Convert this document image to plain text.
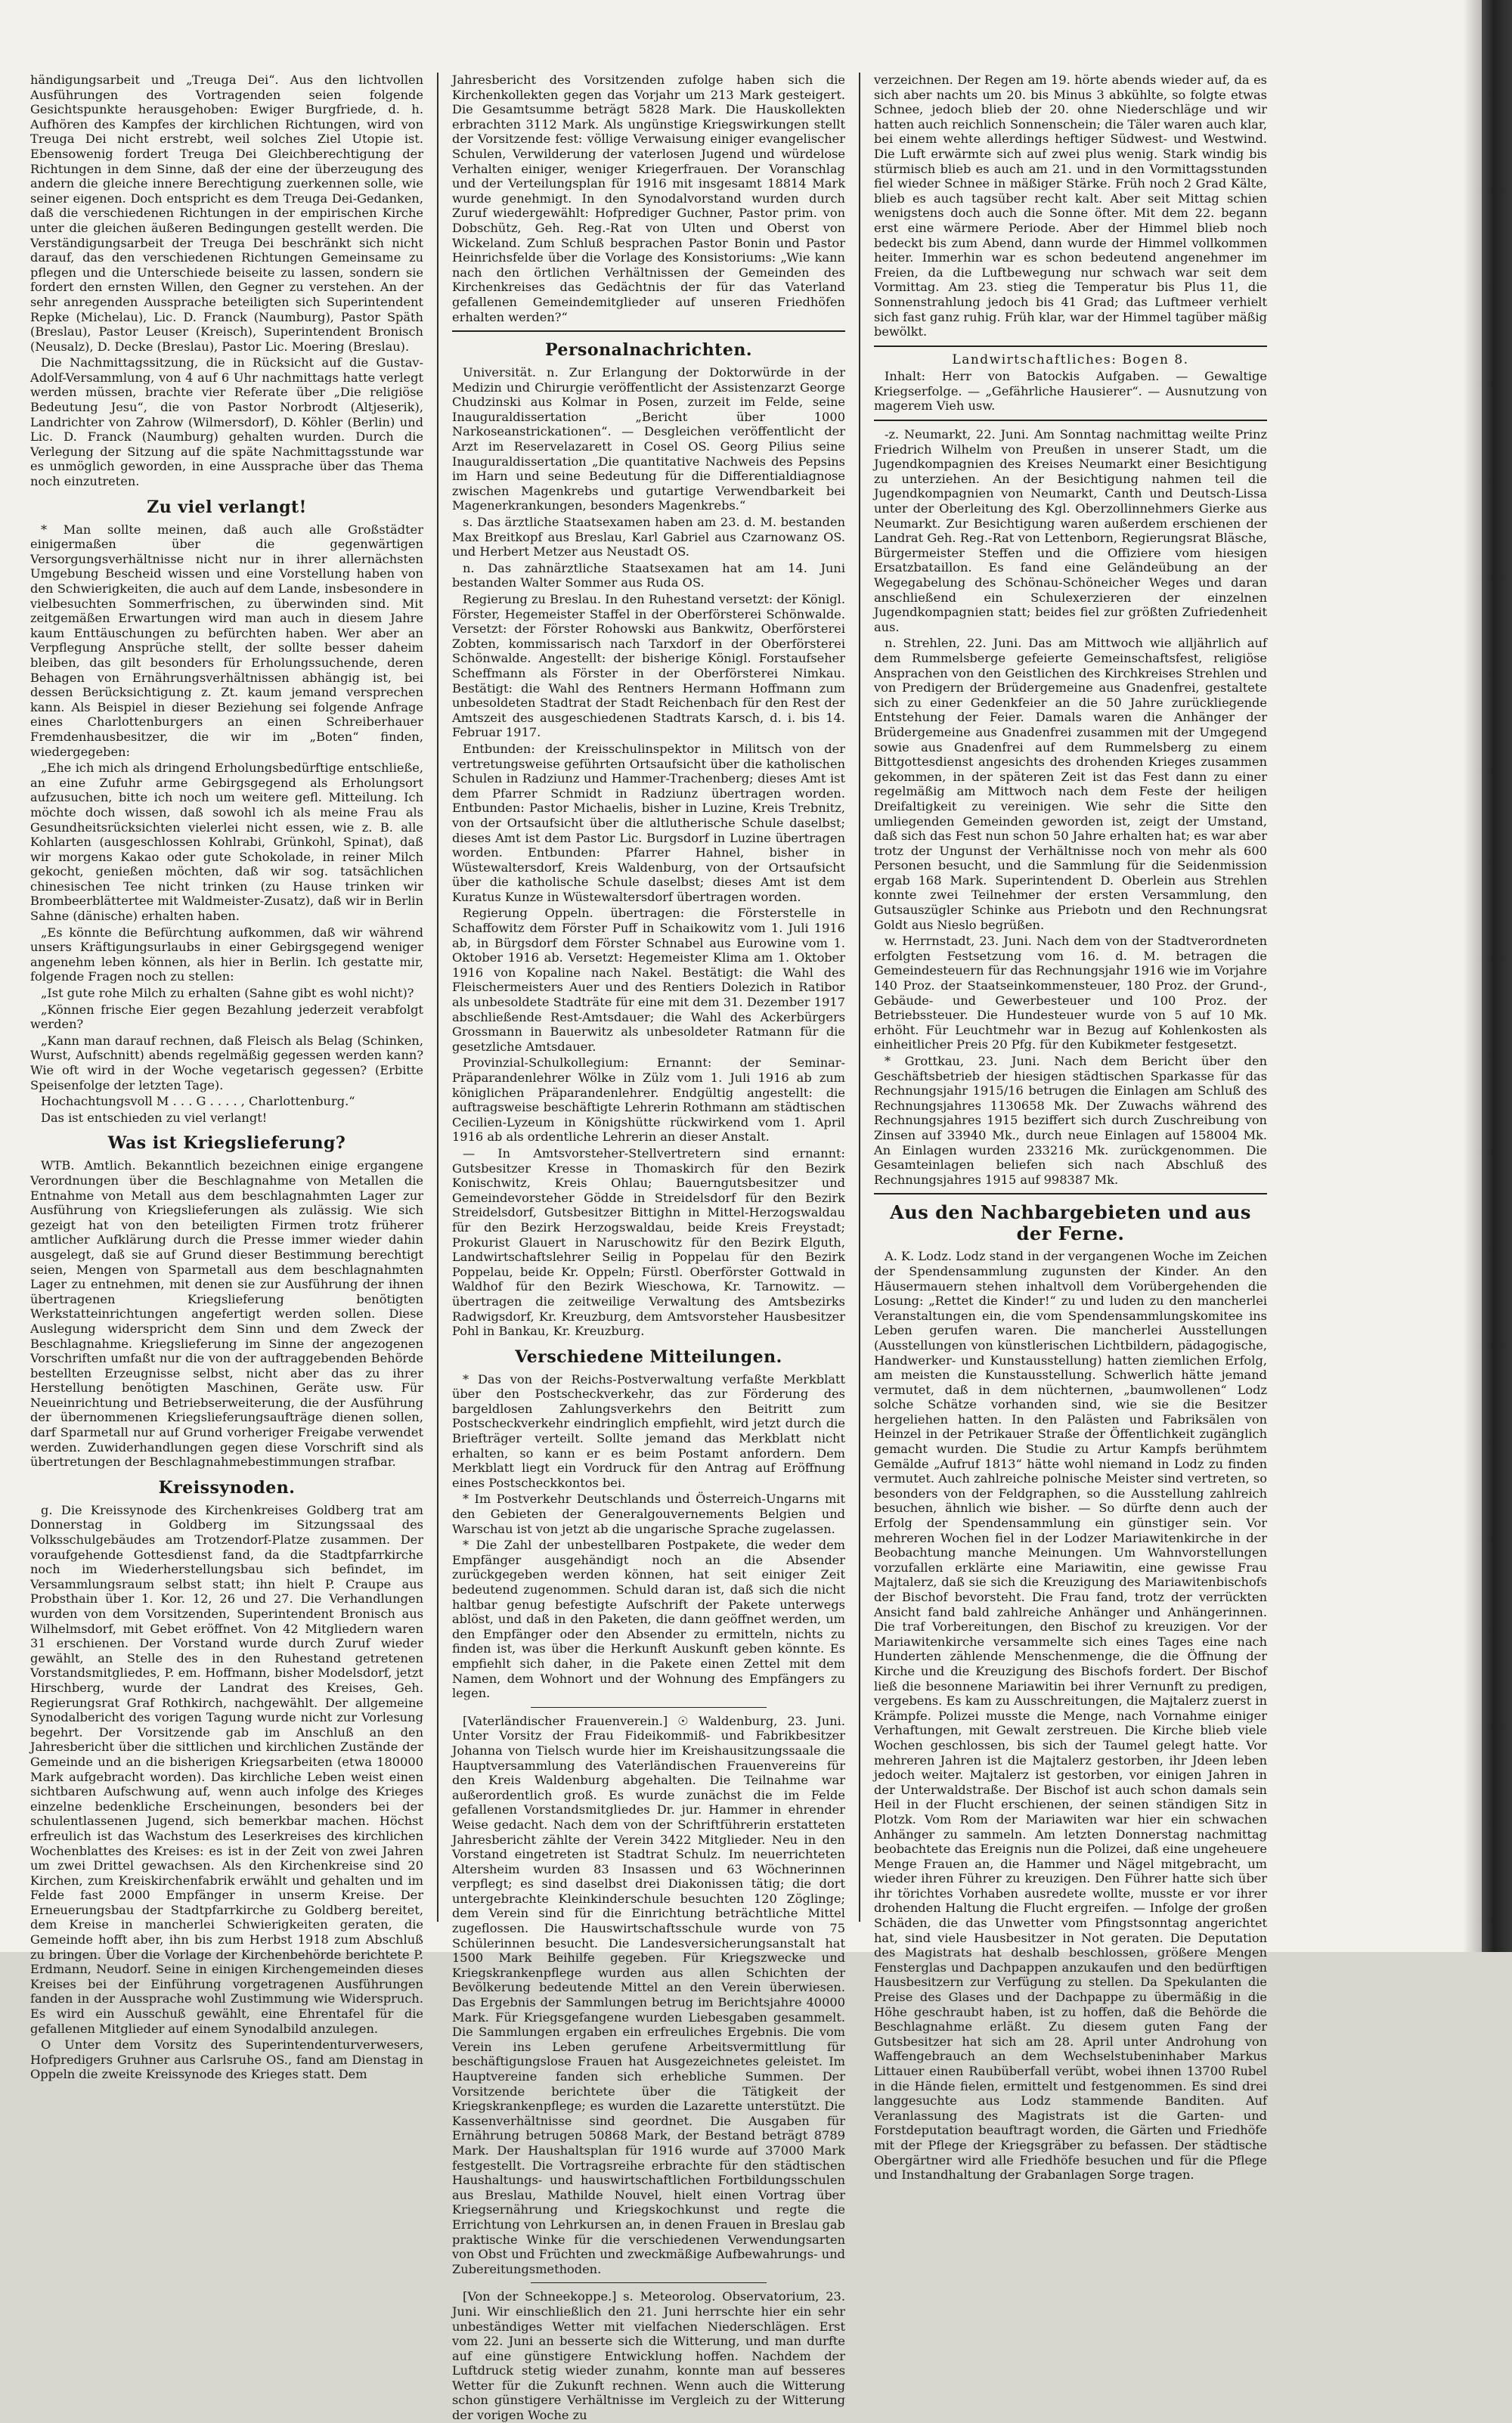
händigungsarbeit und „Treuga Dei“. Aus den lichtvollen Ausführungen des Vortragenden seien folgende Gesichtspunkte herausgehoben: Ewiger Burgfriede, d. h. Aufhören des Kampfes der kirchlichen Richtungen, wird von Treuga Dei nicht erstrebt, weil solches Ziel Utopie ist. Ebensowenig fordert Treuga Dei Gleichberechtigung der Richtungen in dem Sinne, daß der eine der überzeugung des andern die gleiche innere Berechtigung zuerkennen solle, wie seiner eigenen. Doch entspricht es dem Treuga Dei-Gedanken, daß die verschiedenen Richtungen in der empirischen Kirche unter die gleichen äußeren Bedingungen gestellt werden. Die Verständigungsarbeit der Treuga Dei beschränkt sich nicht darauf, das den verschiedenen Richtungen Gemeinsame zu pflegen und die Unterschiede beiseite zu lassen, sondern sie fordert den ernsten Willen, den Gegner zu verstehen. An der sehr anregenden Aussprache beteiligten sich Superintendent Repke (Michelau), Lic. D. Franck (Naumburg), Pastor Späth (Breslau), Pastor Leuser (Kreisch), Superintendent Bronisch (Neusalz), D. Decke (Breslau), Pastor Lic. Moering (Breslau).

Die Nachmittagssitzung, die in Rücksicht auf die Gustav-Adolf-Versammlung, von 4 auf 6 Uhr nachmittags hatte verlegt werden müssen, brachte vier Referate über „Die religiöse Bedeutung Jesu“, die von Pastor Norbrodt (Altjeserik), Landrichter von Zahrow (Wilmersdorf), D. Köhler (Berlin) und Lic. D. Franck (Naumburg) gehalten wurden. Durch die Verlegung der Sitzung auf die späte Nachmittagsstunde war es unmöglich geworden, in eine Aussprache über das Thema noch einzutreten.

Zu viel verlangt!

* Man sollte meinen, daß auch alle Großstädter einigermaßen über die gegenwärtigen Versorgungsverhältnisse nicht nur in ihrer allernächsten Umgebung Bescheid wissen und eine Vorstellung haben von den Schwierigkeiten, die auch auf dem Lande, insbesondere in vielbesuchten Sommerfrischen, zu überwinden sind. Mit zeitgemäßen Erwartungen wird man auch in diesem Jahre kaum Enttäuschungen zu befürchten haben. Wer aber an Verpflegung Ansprüche stellt, der sollte besser daheim bleiben, das gilt besonders für Erholungssuchende, deren Behagen von Ernährungsverhältnissen abhängig ist, bei dessen Berücksichtigung z. Zt. kaum jemand versprechen kann. Als Beispiel in dieser Beziehung sei folgende Anfrage eines Charlottenburgers an einen Schreiberhauer Fremdenhausbesitzer, die wir im „Boten“ finden, wiedergegeben:

„Ehe ich mich als dringend Erholungsbedürftige entschließe, an eine Zufuhr arme Gebirgsgegend als Erholungsort aufzusuchen, bitte ich noch um weitere gefl. Mitteilung. Ich möchte doch wissen, daß sowohl ich als meine Frau als Gesundheitsrücksichten vielerlei nicht essen, wie z. B. alle Kohlarten (ausgeschlossen Kohlrabi, Grünkohl, Spinat), daß wir morgens Kakao oder gute Schokolade, in reiner Milch gekocht, genießen möchten, daß wir sog. tatsächlichen chinesischen Tee nicht trinken (zu Hause trinken wir Brombeerblättertee mit Waldmeister-Zusatz), daß wir in Berlin Sahne (dänische) erhalten haben.

„Es könnte die Befürchtung aufkommen, daß wir während unsers Kräftigungsurlaubs in einer Gebirgsgegend weniger angenehm leben können, als hier in Berlin. Ich gestatte mir, folgende Fragen noch zu stellen:

„Ist gute rohe Milch zu erhalten (Sahne gibt es wohl nicht)?

„Können frische Eier gegen Bezahlung jederzeit verabfolgt werden?

„Kann man darauf rechnen, daß Fleisch als Belag (Schinken, Wurst, Aufschnitt) abends regelmäßig gegessen werden kann? Wie oft wird in der Woche vegetarisch gegessen? (Erbitte Speisenfolge der letzten Tage).

Hochachtungsvoll M . . . G . . . . , Charlottenburg.“

Das ist entschieden zu viel verlangt!

Was ist Kriegslieferung?

WTB. Amtlich. Bekanntlich bezeichnen einige ergangene Verordnungen über die Beschlagnahme von Metallen die Entnahme von Metall aus dem beschlagnahmten Lager zur Ausführung von Kriegslieferungen als zulässig. Wie sich gezeigt hat von den beteiligten Firmen trotz früherer amtlicher Aufklärung durch die Presse immer wieder dahin ausgelegt, daß sie auf Grund dieser Bestimmung berechtigt seien, Mengen von Sparmetall aus dem beschlagnahmten Lager zu entnehmen, mit denen sie zur Ausführung der ihnen übertragenen Kriegslieferung benötigten Werkstatteinrichtungen angefertigt werden sollen. Diese Auslegung widerspricht dem Sinn und dem Zweck der Beschlagnahme. Kriegslieferung im Sinne der angezogenen Vorschriften umfaßt nur die von der auftraggebenden Behörde bestellten Erzeugnisse selbst, nicht aber das zu ihrer Herstellung benötigten Maschinen, Geräte usw. Für Neueinrichtung und Betriebserweiterung, die der Ausführung der übernommenen Kriegslieferungsaufträge dienen sollen, darf Sparmetall nur auf Grund vorheriger Freigabe verwendet werden. Zuwiderhandlungen gegen diese Vorschrift sind als übertretungen der Beschlagnahmebestimmungen strafbar.

Kreissynoden.

g. Die Kreissynode des Kirchenkreises Goldberg trat am Donnerstag in Goldberg im Sitzungssaal des Volksschulgebäudes am Trotzendorf-Platze zusammen. Der voraufgehende Gottesdienst fand, da die Stadtpfarrkirche noch im Wiederherstellungsbau sich befindet, im Versammlungsraum selbst statt; ihn hielt P. Craupe aus Probsthain über 1. Kor. 12, 26 und 27. Die Verhandlungen wurden von dem Vorsitzenden, Superintendent Bronisch aus Wilhelmsdorf, mit Gebet eröffnet. Von 42 Mitgliedern waren 31 erschienen. Der Vorstand wurde durch Zuruf wieder gewählt, an Stelle des in den Ruhestand getretenen Vorstandsmitgliedes, P. em. Hoffmann, bisher Modelsdorf, jetzt Hirschberg, wurde der Landrat des Kreises, Geh. Regierungsrat Graf Rothkirch, nachgewählt. Der allgemeine Synodalbericht des vorigen Tagung wurde nicht zur Vorlesung begehrt. Der Vorsitzende gab im Anschluß an den Jahresbericht über die sittlichen und kirchlichen Zustände der Gemeinde und an die bisherigen Kriegsarbeiten (etwa 180000 Mark aufgebracht worden). Das kirchliche Leben weist einen sichtbaren Aufschwung auf, wenn auch infolge des Krieges einzelne bedenkliche Erscheinungen, besonders bei der schulentlassenen Jugend, sich bemerkbar machen. Höchst erfreulich ist das Wachstum des Leserkreises des kirchlichen Wochenblattes des Kreises: es ist in der Zeit von zwei Jahren um zwei Drittel gewachsen. Als den Kirchenkreise sind 20 Kirchen, zum Kreiskirchenfabrik erwählt und gehalten und im Felde fast 2000 Empfänger in unserm Kreise. Der Erneuerungsbau der Stadtpfarrkirche zu Goldberg bereitet, dem Kreise in mancherlei Schwierigkeiten geraten, die Gemeinde hofft aber, ihn bis zum Herbst 1918 zum Abschluß zu bringen. Über die Vorlage der Kirchenbehörde berichtete P. Erdmann, Neudorf. Seine in einigen Kirchengemeinden dieses Kreises bei der Einführung vorgetragenen Ausführungen fanden in der Aussprache wohl Zustimmung wie Widerspruch. Es wird ein Ausschuß gewählt, eine Ehrentafel für die gefallenen Mitglieder auf einem Synodalbild anzulegen.

O Unter dem Vorsitz des Superintendenturverwesers, Hofpredigers Gruhner aus Carlsruhe OS., fand am Dienstag in Oppeln die zweite Kreissynode des Krieges statt. Dem

Jahresbericht des Vorsitzenden zufolge haben sich die Kirchenkollekten gegen das Vorjahr um 213 Mark gesteigert. Die Gesamtsumme beträgt 5828 Mark. Die Hauskollekten erbrachten 3112 Mark. Als ungünstige Kriegswirkungen stellt der Vorsitzende fest: völlige Verwaisung einiger evangelischer Schulen, Verwilderung der vaterlosen Jugend und würdelose Verhalten einiger, weniger Kriegerfrauen. Der Voranschlag und der Verteilungsplan für 1916 mit insgesamt 18814 Mark wurde genehmigt. In den Synodalvorstand wurden durch Zuruf wiedergewählt: Hofprediger Guchner, Pastor prim. von Dobschütz, Geh. Reg.-Rat von Ulten und Oberst von Wickeland. Zum Schluß besprachen Pastor Bonin und Pastor Heinrichsfelde über die Vorlage des Konsistoriums: „Wie kann nach den örtlichen Verhältnissen der Gemeinden des Kirchenkreises das Gedächtnis der für das Vaterland gefallenen Gemeindemitglieder auf unseren Friedhöfen erhalten werden?“

Personalnachrichten.

Universität. n. Zur Erlangung der Doktorwürde in der Medizin und Chirurgie veröffentlicht der Assistenzarzt George Chudzinski aus Kolmar in Posen, zurzeit im Felde, seine Inauguraldissertation „Bericht über 1000 Narkoseanstrickationen“. — Desgleichen veröffentlicht der Arzt im Reservelazarett in Cosel OS. Georg Pilius seine Inauguraldissertation „Die quantitative Nachweis des Pepsins im Harn und seine Bedeutung für die Differentialdiagnose zwischen Magenkrebs und gutartige Verwendbarkeit bei Magenerkrankungen, besonders Magenkrebs.“

s. Das ärztliche Staatsexamen haben am 23. d. M. bestanden Max Breitkopf aus Breslau, Karl Gabriel aus Czarnowanz OS. und Herbert Metzer aus Neustadt OS.

n. Das zahnärztliche Staatsexamen hat am 14. Juni bestanden Walter Sommer aus Ruda OS.

Regierung zu Breslau. In den Ruhestand versetzt: der Königl. Förster, Hegemeister Staffel in der Oberförsterei Schönwalde. Versetzt: der Förster Rohowski aus Bankwitz, Oberförsterei Zobten, kommissarisch nach Tarxdorf in der Oberförsterei Schönwalde. Angestellt: der bisherige Königl. Forstaufseher Scheffmann als Förster in der Oberförsterei Nimkau. Bestätigt: die Wahl des Rentners Hermann Hoffmann zum unbesoldeten Stadtrat der Stadt Reichenbach für den Rest der Amtszeit des ausgeschiedenen Stadtrats Karsch, d. i. bis 14. Februar 1917.

Entbunden: der Kreisschulinspektor in Militsch von der vertretungsweise geführten Ortsaufsicht über die katholischen Schulen in Radziunz und Hammer-Trachenberg; dieses Amt ist dem Pfarrer Schmidt in Radziunz übertragen worden. Entbunden: Pastor Michaelis, bisher in Luzine, Kreis Trebnitz, von der Ortsaufsicht über die altlutherische Schule daselbst; dieses Amt ist dem Pastor Lic. Burgsdorf in Luzine übertragen worden. Entbunden: Pfarrer Hahnel, bisher in Wüstewaltersdorf, Kreis Waldenburg, von der Ortsaufsicht über die katholische Schule daselbst; dieses Amt ist dem Kuratus Kunze in Wüstewaltersdorf übertragen worden.

Regierung Oppeln. übertragen: die Försterstelle in Schaffowitz dem Förster Puff in Schaikowitz vom 1. Juli 1916 ab, in Bürgsdorf dem Förster Schnabel aus Eurowine vom 1. Oktober 1916 ab. Versetzt: Hegemeister Klima am 1. Oktober 1916 von Kopaline nach Nakel. Bestätigt: die Wahl des Fleischermeisters Auer und des Rentiers Dolezich in Ratibor als unbesoldete Stadträte für eine mit dem 31. Dezember 1917 abschließende Rest-Amtsdauer; die Wahl des Ackerbürgers Grossmann in Bauerwitz als unbesoldeter Ratmann für die gesetzliche Amtsdauer.

Provinzial-Schulkollegium: Ernannt: der Seminar-Präparandenlehrer Wölke in Zülz vom 1. Juli 1916 ab zum königlichen Präparandenlehrer. Endgültig angestellt: die auftragsweise beschäftigte Lehrerin Rothmann am städtischen Cecilien-Lyzeum in Königshütte rückwirkend vom 1. April 1916 ab als ordentliche Lehrerin an dieser Anstalt.

— In Amtsvorsteher-Stellvertretern sind ernannt: Gutsbesitzer Kresse in Thomaskirch für den Bezirk Konischwitz, Kreis Ohlau; Bauerngutsbesitzer und Gemeindevorsteher Gödde in Streidelsdorf für den Bezirk Streidelsdorf, Gutsbesitzer Bittighn in Mittel-Herzogswaldau für den Bezirk Herzogswaldau, beide Kreis Freystadt; Prokurist Glauert in Naruschowitz für den Bezirk Elguth, Landwirtschaftslehrer Seilig in Poppelau für den Bezirk Poppelau, beide Kr. Oppeln; Fürstl. Oberförster Gottwald in Waldhof für den Bezirk Wieschowa, Kr. Tarnowitz. — übertragen die zeitweilige Verwaltung des Amtsbezirks Radwigsdorf, Kr. Kreuzburg, dem Amtsvorsteher Hausbesitzer Pohl in Bankau, Kr. Kreuzburg.

Verschiedene Mitteilungen.

* Das von der Reichs-Postverwaltung verfaßte Merkblatt über den Postscheckverkehr, das zur Förderung des bargeldlosen Zahlungsverkehrs den Beitritt zum Postscheckverkehr eindringlich empfiehlt, wird jetzt durch die Briefträger verteilt. Sollte jemand das Merkblatt nicht erhalten, so kann er es beim Postamt anfordern. Dem Merkblatt liegt ein Vordruck für den Antrag auf Eröffnung eines Postscheckkontos bei.

* Im Postverkehr Deutschlands und Österreich-Ungarns mit den Gebieten der Generalgouvernements Belgien und Warschau ist von jetzt ab die ungarische Sprache zugelassen.

* Die Zahl der unbestellbaren Postpakete, die weder dem Empfänger ausgehändigt noch an die Absender zurückgegeben werden können, hat seit einiger Zeit bedeutend zugenommen. Schuld daran ist, daß sich die nicht haltbar genug befestigte Aufschrift der Pakete unterwegs ablöst, und daß in den Paketen, die dann geöffnet werden, um den Empfänger oder den Absender zu ermitteln, nichts zu finden ist, was über die Herkunft Auskunft geben könnte. Es empfiehlt sich daher, in die Pakete einen Zettel mit dem Namen, dem Wohnort und der Wohnung des Empfängers zu legen.

[Vaterländischer Frauenverein.] ☉ Waldenburg, 23. Juni. Unter Vorsitz der Frau Fideikommiß- und Fabrikbesitzer Johanna von Tielsch wurde hier im Kreishausitzungssaale die Hauptversammlung des Vaterländischen Frauenvereins für den Kreis Waldenburg abgehalten. Die Teilnahme war außerordentlich groß. Es wurde zunächst die im Felde gefallenen Vorstandsmitgliedes Dr. jur. Hammer in ehrender Weise gedacht. Nach dem von der Schriftführerin erstatteten Jahresbericht zählte der Verein 3422 Mitglieder. Neu in den Vorstand eingetreten ist Stadtrat Schulz. Im neuerrichteten Altersheim wurden 83 Insassen und 63 Wöchnerinnen verpflegt; es sind daselbst drei Diakonissen tätig; die dort untergebrachte Kleinkinderschule besuchten 120 Zöglinge; dem Verein sind für die Einrichtung beträchtliche Mittel zugeflossen. Die Hauswirtschaftsschule wurde von 75 Schülerinnen besucht. Die Landesversicherungsanstalt hat 1500 Mark Beihilfe gegeben. Für Kriegszwecke und Kriegskrankenpflege wurden aus allen Schichten der Bevölkerung bedeutende Mittel an den Verein überwiesen. Das Ergebnis der Sammlungen betrug im Berichtsjahre 40000 Mark. Für Kriegsgefangene wurden Liebesgaben gesammelt. Die Sammlungen ergaben ein erfreuliches Ergebnis. Die vom Verein ins Leben gerufene Arbeitsvermittlung für beschäftigungslose Frauen hat Ausgezeichnetes geleistet. Im Hauptvereine fanden sich erhebliche Summen. Der Vorsitzende berichtete über die Tätigkeit der Kriegskrankenpflege; es wurden die Lazarette unterstützt. Die Kassenverhältnisse sind geordnet. Die Ausgaben für Ernährung betrugen 50868 Mark, der Bestand beträgt 8789 Mark. Der Haushaltsplan für 1916 wurde auf 37000 Mark festgestellt. Die Vortragsreihe erbrachte für den städtischen Haushaltungs- und hauswirtschaftlichen Fortbildungsschulen aus Breslau, Mathilde Nouvel, hielt einen Vortrag über Kriegsernährung und Kriegskochkunst und regte die Errichtung von Lehrkursen an, in denen Frauen in Breslau gab praktische Winke für die verschiedenen Verwendungsarten von Obst und Früchten und zweckmäßige Aufbewahrungs- und Zubereitungsmethoden.

[Von der Schneekoppe.] s. Meteorolog. Observatorium, 23. Juni. Wir einschließlich den 21. Juni herrschte hier ein sehr unbeständiges Wetter mit vielfachen Niederschlägen. Erst vom 22. Juni an besserte sich die Witterung, und man durfte auf eine günstigere Entwicklung hoffen. Nachdem der Luftdruck stetig wieder zunahm, konnte man auf besseres Wetter für die Zukunft rechnen. Wenn auch die Witterung schon günstigere Verhältnisse im Vergleich zu der Witterung der vorigen Woche zu

verzeichnen. Der Regen am 19. hörte abends wieder auf, da es sich aber nachts um 20. bis Minus 3 abkühlte, so folgte etwas Schnee, jedoch blieb der 20. ohne Niederschläge und wir hatten auch reichlich Sonnenschein; die Täler waren auch klar, bei einem wehte allerdings heftiger Südwest- und Westwind. Die Luft erwärmte sich auf zwei plus wenig. Stark windig bis stürmisch blieb es auch am 21. und in den Vormittagsstunden fiel wieder Schnee in mäßiger Stärke. Früh noch 2 Grad Kälte, blieb es auch tagsüber recht kalt. Aber seit Mittag schien wenigstens doch auch die Sonne öfter. Mit dem 22. begann erst eine wärmere Periode. Aber der Himmel blieb noch bedeckt bis zum Abend, dann wurde der Himmel vollkommen heiter. Immerhin war es schon bedeutend angenehmer im Freien, da die Luftbewegung nur schwach war seit dem Vormittag. Am 23. stieg die Temperatur bis Plus 11, die Sonnenstrahlung jedoch bis 41 Grad; das Luftmeer verhielt sich fast ganz ruhig. Früh klar, war der Himmel tagüber mäßig bewölkt.

Landwirtschaftliches: Bogen 8.

Inhalt: Herr von Batockis Aufgaben. — Gewaltige Kriegserfolge. — „Gefährliche Hausierer“. — Ausnutzung von magerem Vieh usw.

-z. Neumarkt, 22. Juni. Am Sonntag nachmittag weilte Prinz Friedrich Wilhelm von Preußen in unserer Stadt, um die Jugendkompagnien des Kreises Neumarkt einer Besichtigung zu unterziehen. An der Besichtigung nahmen teil die Jugendkompagnien von Neumarkt, Canth und Deutsch-Lissa unter der Oberleitung des Kgl. Oberzollinnehmers Gierke aus Neumarkt. Zur Besichtigung waren außerdem erschienen der Landrat Geh. Reg.-Rat von Lettenborn, Regierungsrat Bläsche, Bürgermeister Steffen und die Offiziere vom hiesigen Ersatzbataillon. Es fand eine Geländeübung an der Wegegabelung des Schönau-Schöneicher Weges und daran anschließend ein Schulexerzieren der einzelnen Jugendkompagnien statt; beides fiel zur größten Zufriedenheit aus.

n. Strehlen, 22. Juni. Das am Mittwoch wie alljährlich auf dem Rummelsberge gefeierte Gemeinschaftsfest, religiöse Ansprachen von den Geistlichen des Kirchkreises Strehlen und von Predigern der Brüdergemeine aus Gnadenfrei, gestaltete sich zu einer Gedenkfeier an die 50 Jahre zurückliegende Entstehung der Feier. Damals waren die Anhänger der Brüdergemeine aus Gnadenfrei zusammen mit der Umgegend sowie aus Gnadenfrei auf dem Rummelsberg zu einem Bittgottesdienst angesichts des drohenden Krieges zusammen gekommen, in der späteren Zeit ist das Fest dann zu einer regelmäßig am Mittwoch nach dem Feste der heiligen Dreifaltigkeit zu vereinigen. Wie sehr die Sitte den umliegenden Gemeinden geworden ist, zeigt der Umstand, daß sich das Fest nun schon 50 Jahre erhalten hat; es war aber trotz der Ungunst der Verhältnisse noch von mehr als 600 Personen besucht, und die Sammlung für die Seidenmission ergab 168 Mark. Superintendent D. Oberlein aus Strehlen konnte zwei Teilnehmer der ersten Versammlung, den Gutsauszügler Schinke aus Priebotn und den Rechnungsrat Goldt aus Nieslo begrüßen.

w. Herrnstadt, 23. Juni. Nach dem von der Stadtverordneten erfolgten Festsetzung vom 16. d. M. betragen die Gemeindesteuern für das Rechnungsjahr 1916 wie im Vorjahre 140 Proz. der Staatseinkommensteuer, 180 Proz. der Grund-, Gebäude- und Gewerbesteuer und 100 Proz. der Betriebssteuer. Die Hundesteuer wurde von 5 auf 10 Mk. erhöht. Für Leuchtmehr war in Bezug auf Kohlenkosten als einheitlicher Preis 20 Pfg. für den Kubikmeter festgesetzt.

* Grottkau, 23. Juni. Nach dem Bericht über den Geschäftsbetrieb der hiesigen städtischen Sparkasse für das Rechnungsjahr 1915/16 betrugen die Einlagen am Schluß des Rechnungsjahres 1130658 Mk. Der Zuwachs während des Rechnungsjahres 1915 beziffert sich durch Zuschreibung von Zinsen auf 33940 Mk., durch neue Einlagen auf 158004 Mk. An Einlagen wurden 233216 Mk. zurückgenommen. Die Gesamteinlagen beliefen sich nach Abschluß des Rechnungsjahres 1915 auf 998387 Mk.

Aus den Nachbargebieten und aus der Ferne.

A. K. Lodz. Lodz stand in der vergangenen Woche im Zeichen der Spendensammlung zugunsten der Kinder. An den Häusermauern stehen inhaltvoll dem Vorübergehenden die Losung: „Rettet die Kinder!“ zu und luden zu den mancherlei Veranstaltungen ein, die vom Spendensammlungskomitee ins Leben gerufen waren. Die mancherlei Ausstellungen (Ausstellungen von künstlerischen Lichtbildern, pädagogische, Handwerker- und Kunstausstellung) hatten ziemlichen Erfolg, am meisten die Kunstausstellung. Schwerlich hätte jemand vermutet, daß in dem nüchternen, „baumwollenen“ Lodz solche Schätze vorhanden sind, wie sie die Besitzer hergeliehen hatten. In den Palästen und Fabriksälen von Heinzel in der Petrikauer Straße der Öffentlichkeit zugänglich gemacht wurden. Die Studie zu Artur Kampfs berühmtem Gemälde „Aufruf 1813“ hätte wohl niemand in Lodz zu finden vermutet. Auch zahlreiche polnische Meister sind vertreten, so besonders von der Feldgraphen, so die Ausstellung zahlreich besuchen, ähnlich wie bisher. — So dürfte denn auch der Erfolg der Spendensammlung ein günstiger sein. Vor mehreren Wochen fiel in der Lodzer Mariawitenkirche in der Beobachtung manche Meinungen. Um Wahnvorstellungen vorzufallen erklärte eine Mariawitin, eine gewisse Frau Majtalerz, daß sie sich die Kreuzigung des Mariawitenbischofs der Bischof bevorsteht. Die Frau fand, trotz der verrückten Ansicht fand bald zahlreiche Anhänger und Anhängerinnen. Die traf Vorbereitungen, den Bischof zu kreuzigen. Vor der Mariawitenkirche versammelte sich eines Tages eine nach Hunderten zählende Menschenmenge, die die Öffnung der Kirche und die Kreuzigung des Bischofs fordert. Der Bischof ließ die besonnene Mariawitin bei ihrer Vernunft zu predigen, vergebens. Es kam zu Ausschreitungen, die Majtalerz zuerst in Krämpfe. Polizei musste die Menge, nach Vornahme einiger Verhaftungen, mit Gewalt zerstreuen. Die Kirche blieb viele Wochen geschlossen, bis sich der Taumel gelegt hatte. Vor mehreren Jahren ist die Majtalerz gestorben, ihr Jdeen leben jedoch weiter. Majtalerz ist gestorben, vor einigen Jahren in der Unterwaldstraße. Der Bischof ist auch schon damals sein Heil in der Flucht erschienen, der seinen ständigen Sitz in Plotzk. Vom Rom der Mariawiten war hier ein schwachen Anhänger zu sammeln. Am letzten Donnerstag nachmittag beobachtete das Ereignis nun die Polizei, daß eine ungeheuere Menge Frauen an, die Hammer und Nägel mitgebracht, um wieder ihren Führer zu kreuzigen. Den Führer hatte sich über ihr törichtes Vorhaben ausredete wollte, musste er vor ihrer drohenden Haltung die Flucht ergreifen. — Infolge der großen Schäden, die das Unwetter vom Pfingstsonntag angerichtet hat, sind viele Hausbesitzer in Not geraten. Die Deputation des Magistrats hat deshalb beschlossen, größere Mengen Fensterglas und Dachpappen anzukaufen und den bedürftigen Hausbesitzern zur Verfügung zu stellen. Da Spekulanten die Preise des Glases und der Dachpappe zu übermäßig in die Höhe geschraubt haben, ist zu hoffen, daß die Behörde die Beschlagnahme erläßt. Zu diesem guten Fang der Gutsbesitzer hat sich am 28. April unter Androhung von Waffengebrauch an dem Wechselstubeninhaber Markus Littauer einen Raubüberfall verübt, wobei ihnen 13700 Rubel in die Hände fielen, ermittelt und festgenommen. Es sind drei langgesuchte aus Lodz stammende Banditen. Auf Veranlassung des Magistrats ist die Garten- und Forstdeputation beauftragt worden, die Gärten und Friedhöfe mit der Pflege der Kriegsgräber zu befassen. Der städtische Obergärtner wird alle Friedhöfe besuchen und für die Pflege und Instandhaltung der Grabanlagen Sorge tragen.
